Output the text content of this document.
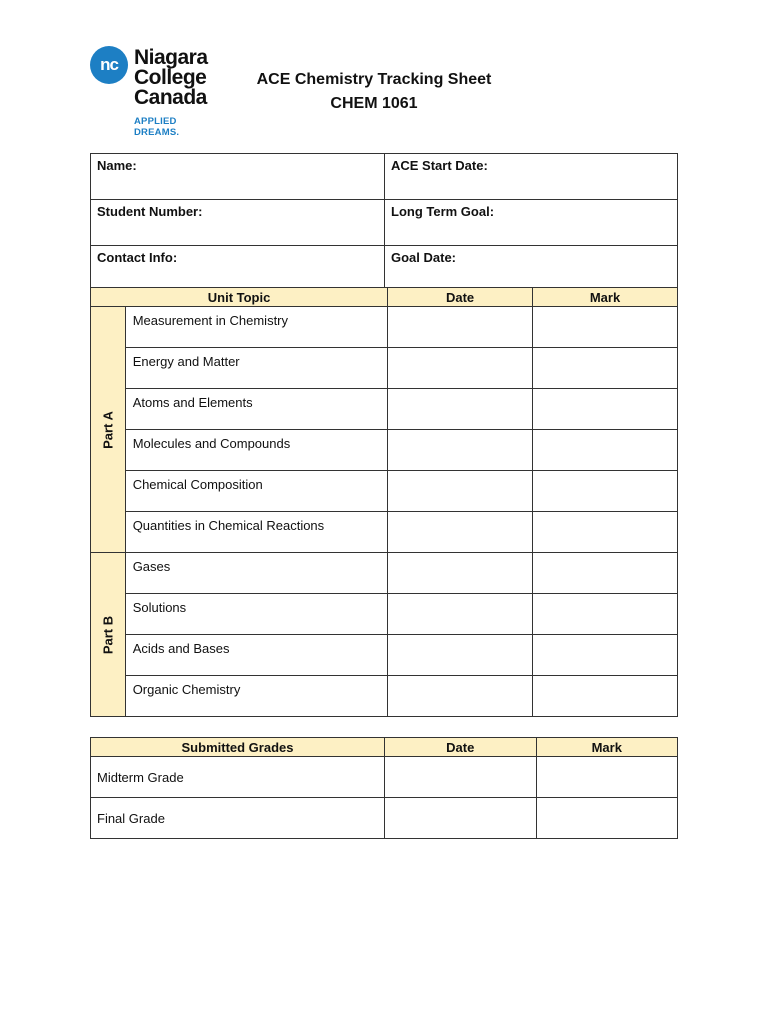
nc Niagara
College
Canada
APPLIED DREAMS.
ACE Chemistry Tracking Sheet
CHEM 1061
Name:	ACE Start Date:
Student Number:	Long Term Goal:
Contact Info:	Goal Date:
Unit Topic		Date	Mark

Part A	Measurement in Chemistry		
	Energy and Matter		
	Atoms and Elements		
	Molecules and Compounds		
	Chemical Composition		
	Quantities in Chemical Reactions		

Part B	Gases		
	Solutions		
	Acids and Bases		
	Organic Chemistry		
Submitted Grades	Date	Mark
Midterm Grade		
Final Grade		
